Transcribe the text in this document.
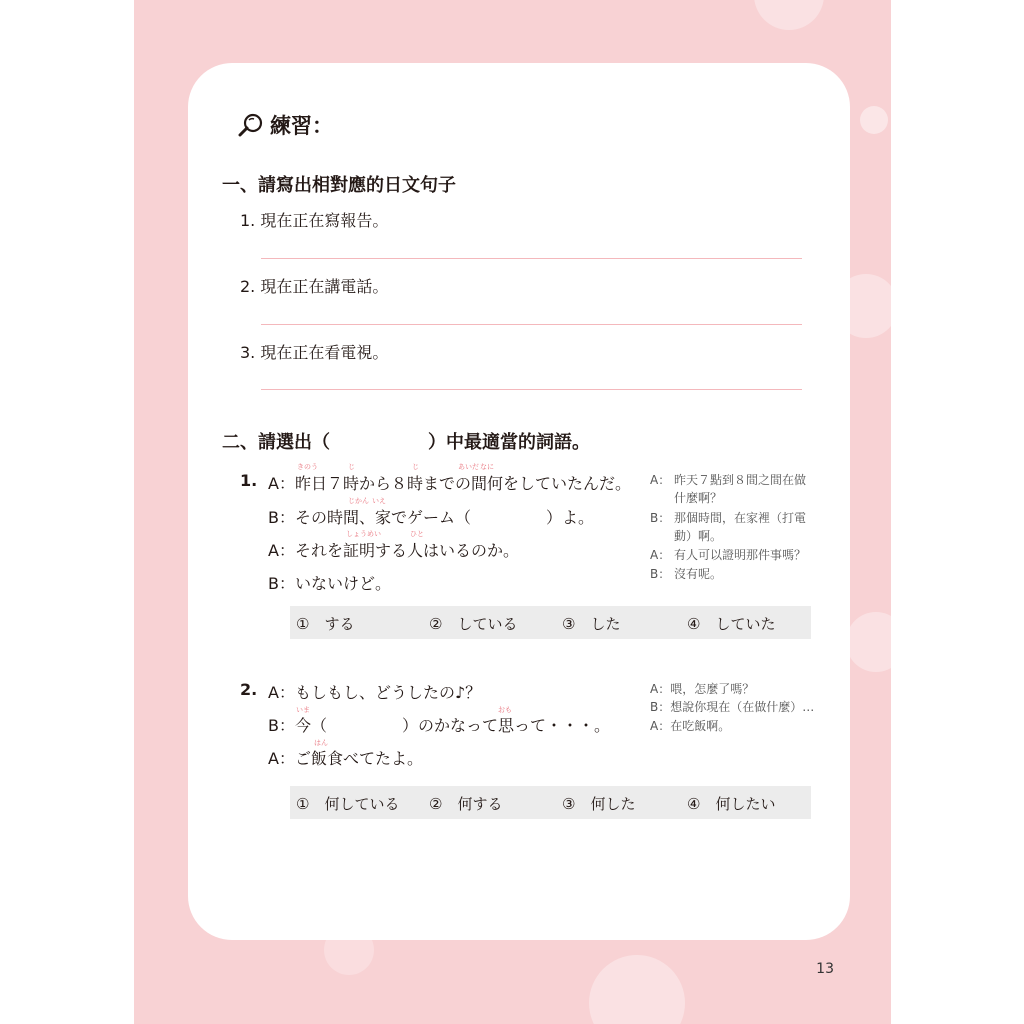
練習：
一、請寫出相對應的日文句子
1. 現在正在寫報告。
2. 現在正在講電話。
3. 現在正在看電視。
二、請選出（	）中最適當的詞語。
1.
きのう	じ	じ	あいだ なに
A：昨日７時から８時までの間何をしていたんだ。
じかん いえ
B：その時間、家でゲーム（	）よ。
しょうめい	ひと
A：それを証明する人はいるのか。
B：いないけど。
A： 昨天７點到８間之間在做
什麼啊？
B： 那個時間，在家裡（打電
動）啊。
A： 有人可以證明那件事嗎？
B： 沒有呢。
①　する	②　している	③　した	④　していた
2. A：もしもし、どうしたの♪？
いま	おも
B：今（	）のかなって思って・・・。
はん
A：ご飯食べてたよ。
A：喂，怎麼了嗎？
B：想說你現在（在做什麼）…
A：在吃飯啊。
①　何している ②　何する	③　何した	④　何したい
13
